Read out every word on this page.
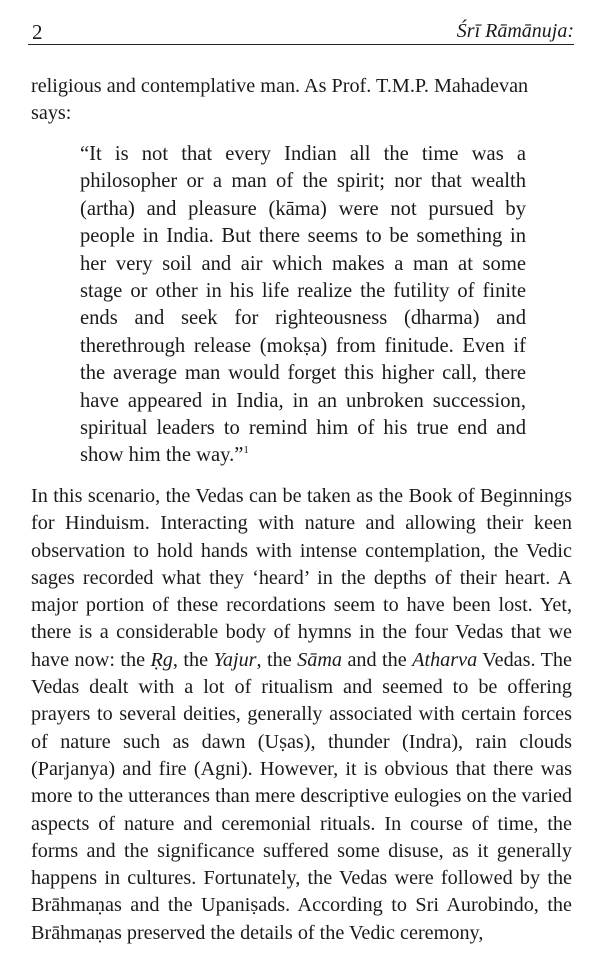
2	Śrī Rāmānuja:

religious and contemplative man. As Prof. T.M.P. Mahadevan
says:

“It is not that every Indian all the time was a philosopher or a man of the spirit; nor that wealth (artha) and pleasure (kāma) were not pursued by people in India. But there seems to be something in her very soil and air which makes a man at some stage or other in his life realize the futility of finite ends and seek for righteousness (dharma) and therethrough release (mokṣa) from finitude. Even if the average man would forget this higher call, there have appeared in India, in an unbroken succession, spiritual leaders to remind him of his true end and show him the way.”$^1$

In this scenario, the Vedas can be taken as the Book of Beginnings for Hinduism. Interacting with nature and allowing their keen observation to hold hands with intense contemplation, the Vedic sages recorded what they ‘heard’ in the depths of their heart. A major portion of these recordations seem to have been lost. Yet, there is a considerable body of hymns in the four Vedas that we have now: the Ṛg, the Yajur, the Sāma and the Atharva Vedas. The Vedas dealt with a lot of ritualism and seemed to be offering prayers to several deities, generally associated with certain forces of nature such as dawn (Uṣas), thunder (Indra), rain clouds (Parjanya) and fire (Agni). However, it is obvious that there was more to the utterances than mere descriptive eulogies on the varied aspects of nature and ceremonial rituals. In course of time, the forms and the significance suffered some disuse, as it generally happens in cultures. Fortunately, the Vedas were followed by the Brāhmaṇas and the Upaniṣads. According to Sri Aurobindo, the Brāhmaṇas preserved the details of the Vedic ceremony,
